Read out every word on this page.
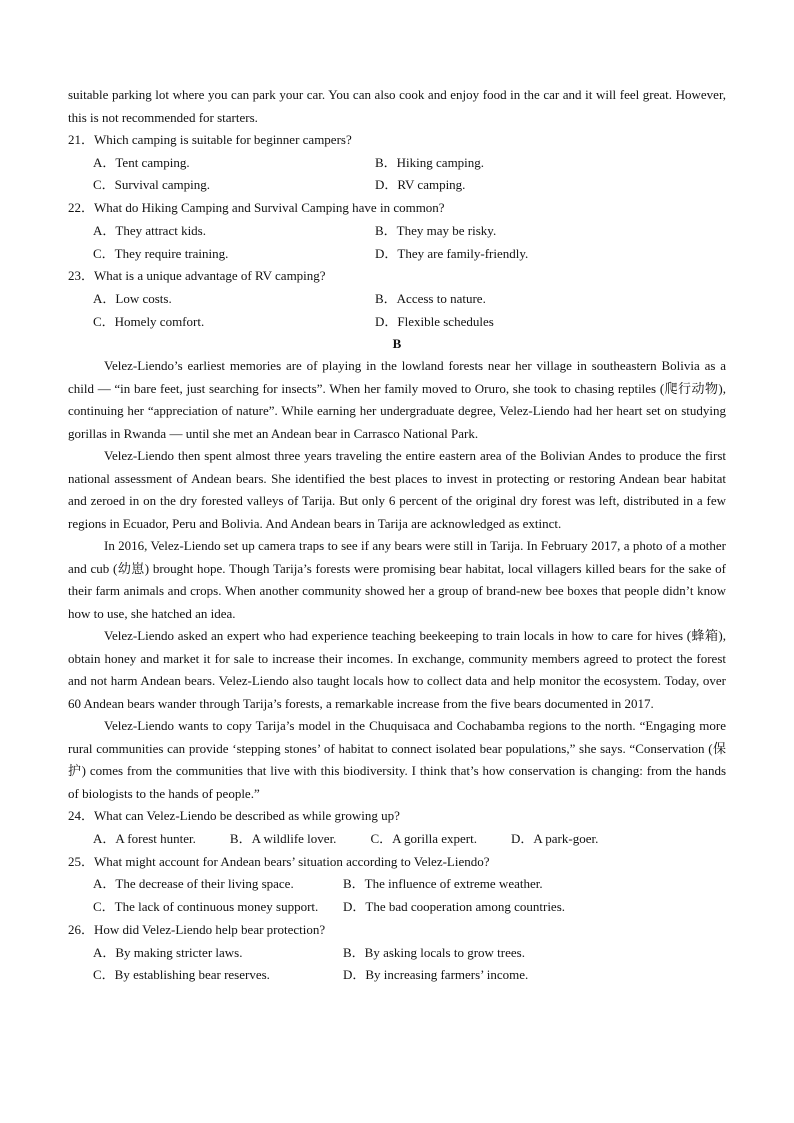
suitable parking lot where you can park your car. You can also cook and enjoy food in the car and it will feel great. However, this is not recommended for starters.

21．Which camping is suitable for beginner campers?

A．Tent camping.	B．Hiking camping.
C．Survival camping.	D．RV camping.

22．What do Hiking Camping and Survival Camping have in common?

A．They attract kids.	B．They may be risky.
C．They require training.	D．They are family-friendly.

23．What is a unique advantage of RV camping?

A．Low costs.	B．Access to nature.
C．Homely comfort.	D．Flexible schedules

B

Velez-Liendo’s earliest memories are of playing in the lowland forests near her village in southeastern Bolivia as a child — “in bare feet, just searching for insects”. When her family moved to Oruro, she took to chasing reptiles (爬行动物), continuing her “appreciation of nature”. While earning her undergraduate degree, Velez-Liendo had her heart set on studying gorillas in Rwanda — until she met an Andean bear in Carrasco National Park.

Velez-Liendo then spent almost three years traveling the entire eastern area of the Bolivian Andes to produce the first national assessment of Andean bears. She identified the best places to invest in protecting or restoring Andean bear habitat and zeroed in on the dry forested valleys of Tarija. But only 6 percent of the original dry forest was left, distributed in a few regions in Ecuador, Peru and Bolivia. And Andean bears in Tarija are acknowledged as extinct.

In 2016, Velez-Liendo set up camera traps to see if any bears were still in Tarija. In February 2017, a photo of a mother and cub (幼崽) brought hope. Though Tarija’s forests were promising bear habitat, local villagers killed bears for the sake of their farm animals and crops. When another community showed her a group of brand-new bee boxes that people didn’t know how to use, she hatched an idea.

Velez-Liendo asked an expert who had experience teaching beekeeping to train locals in how to care for hives (蜂箱), obtain honey and market it for sale to increase their incomes. In exchange, community members agreed to protect the forest and not harm Andean bears. Velez-Liendo also taught locals how to collect data and help monitor the ecosystem. Today, over 60 Andean bears wander through Tarija’s forests, a remarkable increase from the five bears documented in 2017.

Velez-Liendo wants to copy Tarija’s model in the Chuquisaca and Cochabamba regions to the north. “Engaging more rural communities can provide ‘stepping stones’ of habitat to connect isolated bear populations,” she says. “Conservation (保护) comes from the communities that live with this biodiversity. I think that’s how conservation is changing: from the hands of biologists to the hands of people.”

24．What can Velez-Liendo be described as while growing up?

A．A forest hunter.	B．A wildlife lover.	C．A gorilla expert.	D．A park-goer.

25．What might account for Andean bears’ situation according to Velez-Liendo?

A．The decrease of their living space.	B．The influence of extreme weather.
C．The lack of continuous money support.	D．The bad cooperation among countries.

26．How did Velez-Liendo help bear protection?

A．By making stricter laws.	B．By asking locals to grow trees.
C．By establishing bear reserves.	D．By increasing farmers’ income.
